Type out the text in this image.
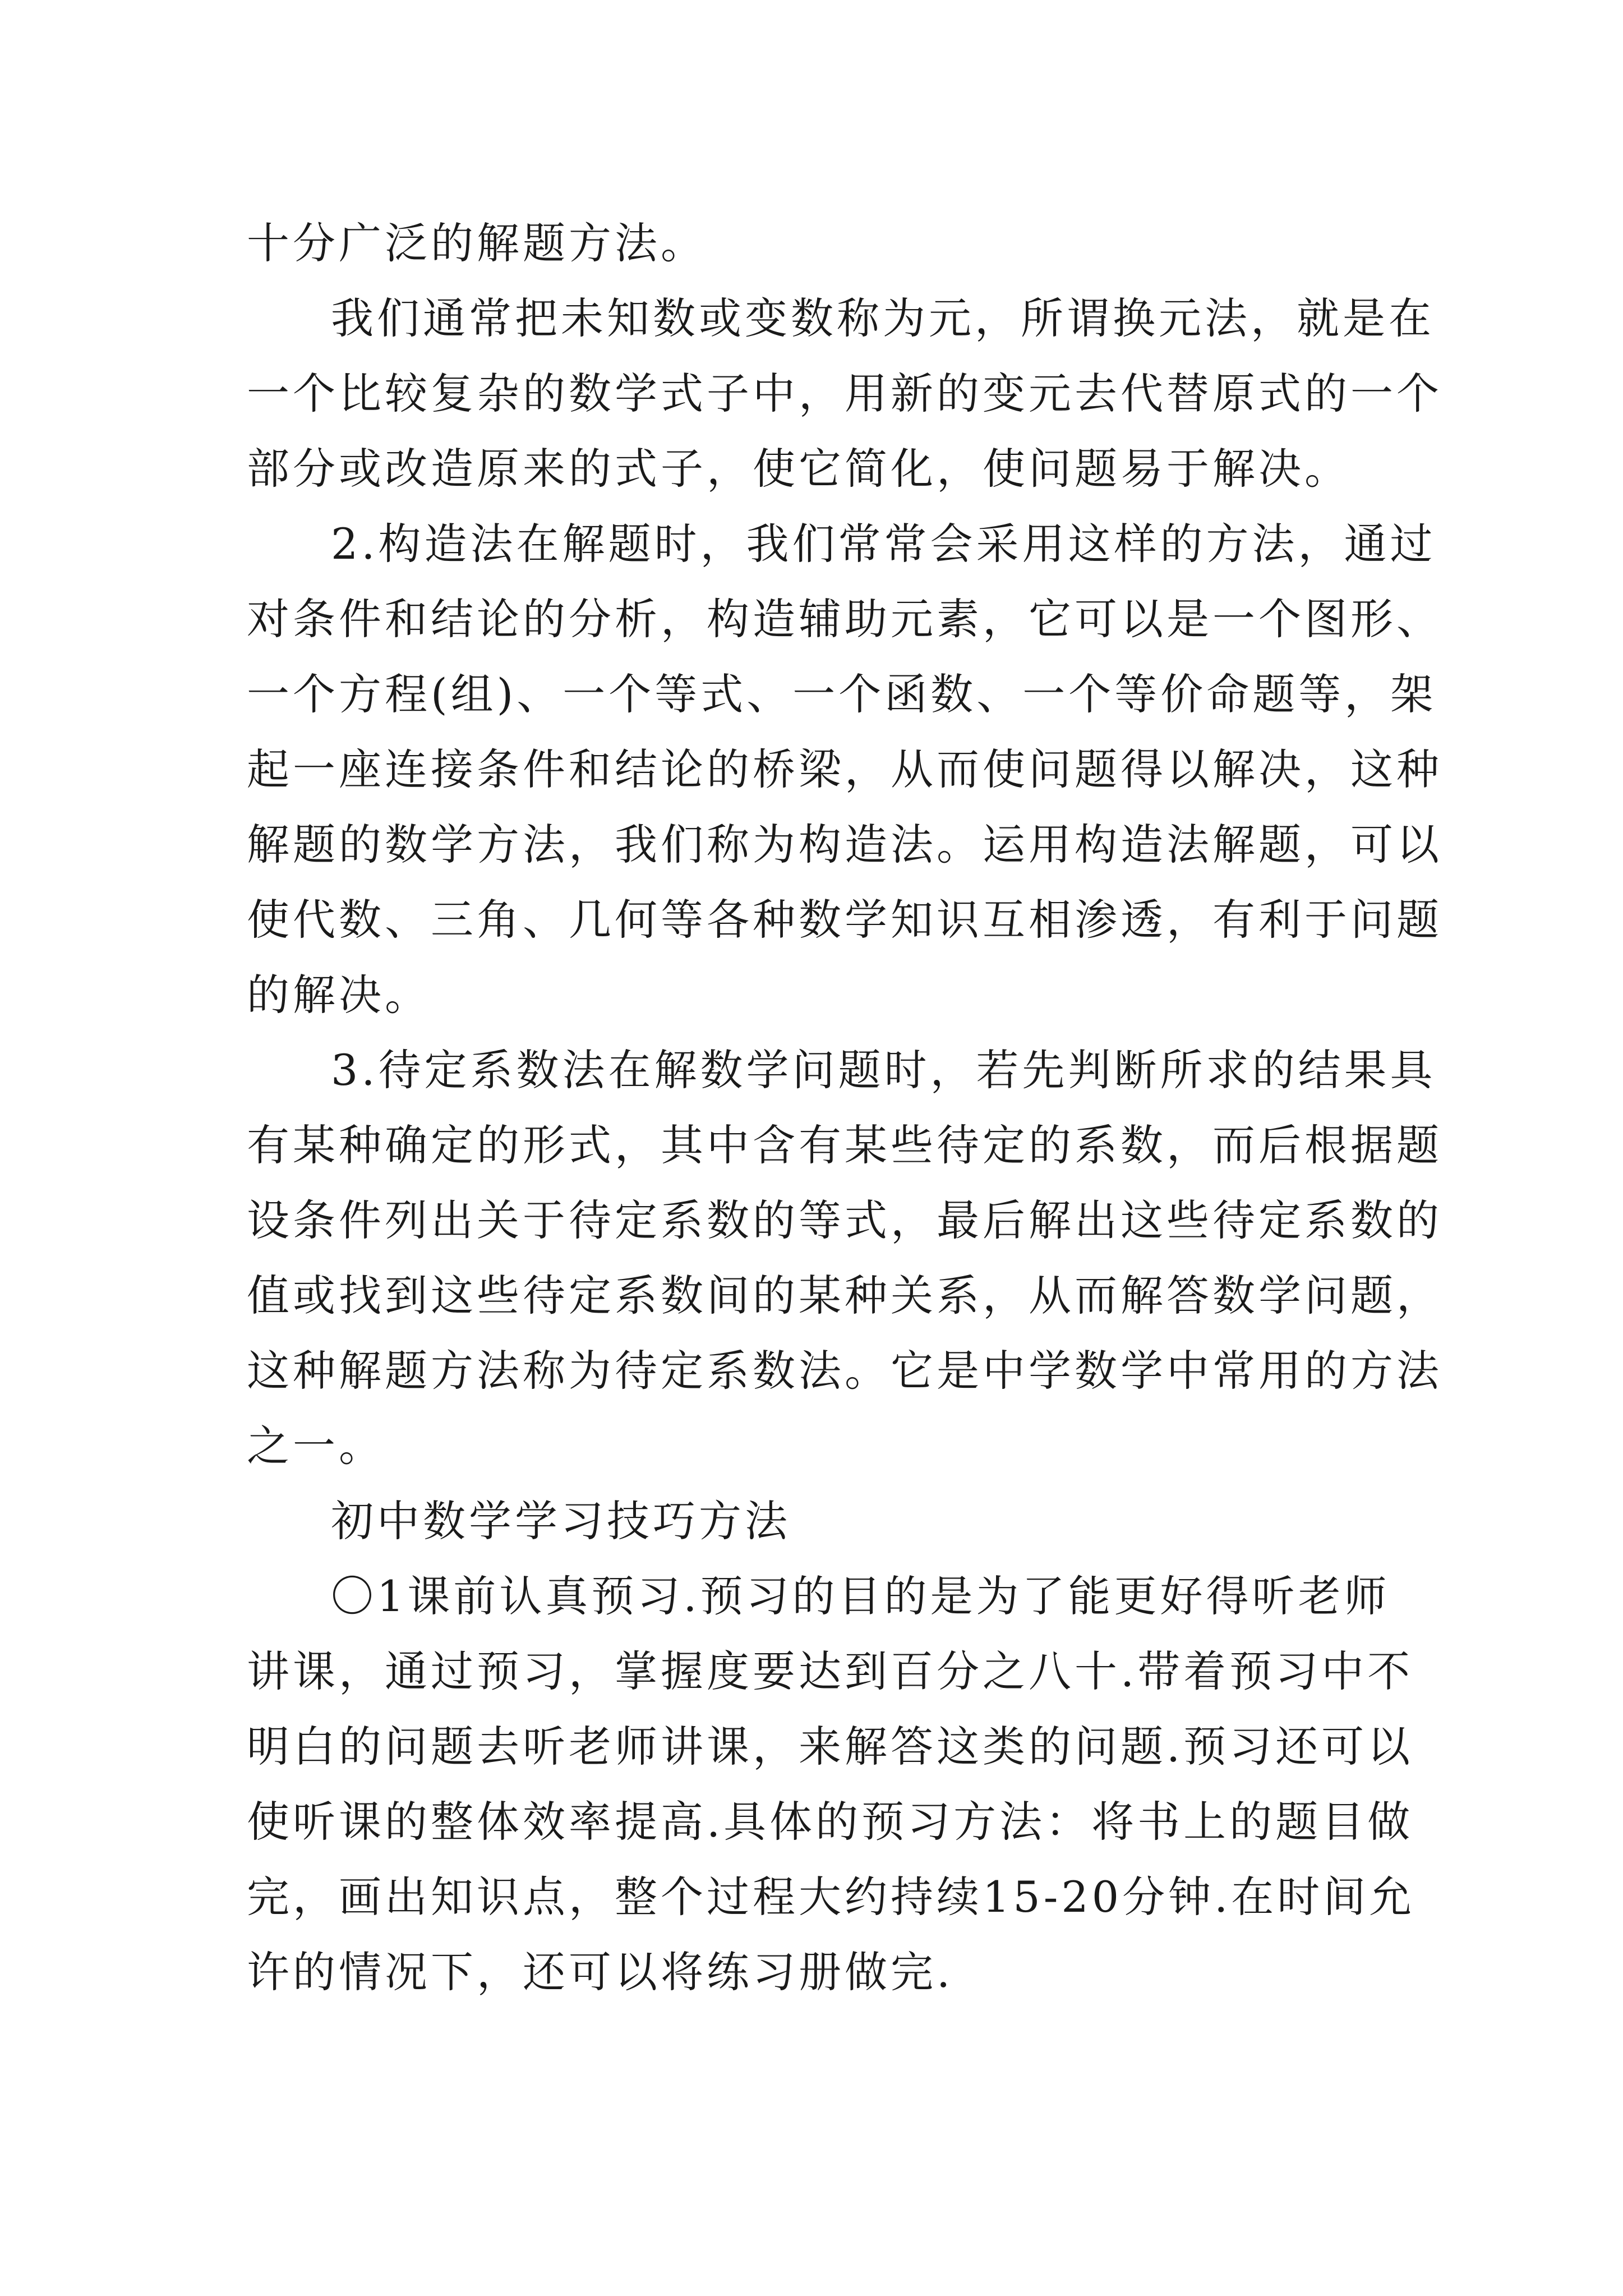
十分广泛的解题方法。

我们通常把未知数或变数称为元，所谓换元法，就是在

一个比较复杂的数学式子中，用新的变元去代替原式的一个

部分或改造原来的式子，使它简化，使问题易于解决。

2.构造法在解题时，我们常常会采用这样的方法，通过

对条件和结论的分析，构造辅助元素，它可以是一个图形、

一个方程(组)、一个等式、一个函数、一个等价命题等，架

起一座连接条件和结论的桥梁，从而使问题得以解决，这种

解题的数学方法，我们称为构造法。运用构造法解题，可以

使代数、三角、几何等各种数学知识互相渗透，有利于问题

的解决。

3.待定系数法在解数学问题时，若先判断所求的结果具

有某种确定的形式，其中含有某些待定的系数，而后根据题

设条件列出关于待定系数的等式，最后解出这些待定系数的

值或找到这些待定系数间的某种关系，从而解答数学问题，

这种解题方法称为待定系数法。它是中学数学中常用的方法

之一。

初中数学学习技巧方法

〇1课前认真预习.预习的目的是为了能更好得听老师

讲课，通过预习，掌握度要达到百分之八十.带着预习中不

明白的问题去听老师讲课，来解答这类的问题.预习还可以

使听课的整体效率提高.具体的预习方法：将书上的题目做

完，画出知识点，整个过程大约持续15-20分钟.在时间允

许的情况下，还可以将练习册做完.
